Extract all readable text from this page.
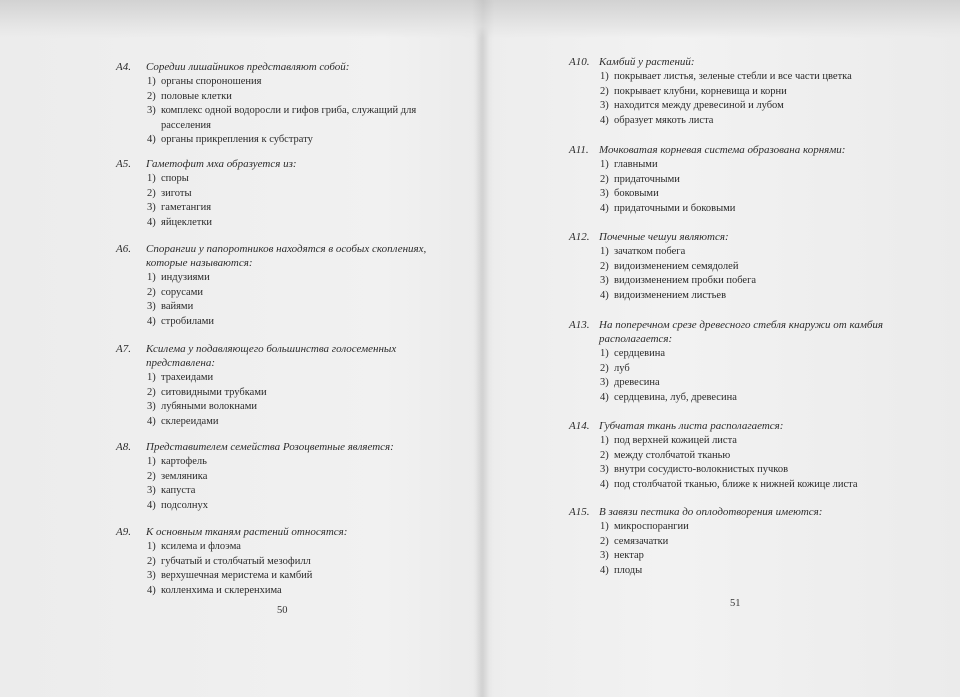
A4.	Соредии лишайников представляют собой:
1) органы спороношения
2) половые клетки
3) комплекс одной водоросли и гифов гриба, служащий для расселения
4) органы прикрепления к субстрату
A5.	Гаметофит мха образуется из:
1) споры
2) зиготы
3) гаметангия
4) яйцеклетки
A6.	Спорангии у папоротников находятся в особых скоплениях, которые называются:
1) индузиями
2) сорусами
3) вайями
4) стробилами
A7.	Ксилема у подавляющего большинства голосеменных представлена:
1) трахеидами
2) ситовидными трубками
3) лубяными волокнами
4) склереидами
A8.	Представителем семейства Розоцветные является:
1) картофель
2) земляника
3) капуста
4) подсолнух
A9.	К основным тканям растений относятся:
1) ксилема и флоэма
2) губчатый и столбчатый мезофилл
3) верхушечная меристема и камбий
4) колленхима и склеренхима
50
A10. Камбий у растений:
1) покрывает листья, зеленые стебли и все части цветка
2) покрывает клубни, корневища и корни
3) находится между древесиной и лубом
4) образует мякоть листа
A11. Мочковатая корневая система образована корнями:
1) главными
2) придаточными
3) боковыми
4) придаточными и боковыми
A12. Почечные чешуи являются:
1) зачатком побега
2) видоизменением семядолей
3) видоизменением пробки побега
4) видоизменением листьев
A13. На поперечном срезе древесного стебля кнаружи от камбия располагается:
1) сердцевина
2) луб
3) древесина
4) сердцевина, луб, древесина
A14. Губчатая ткань листа располагается:
1) под верхней кожицей листа
2) между столбчатой тканью
3) внутри сосудисто-волокнистых пучков
4) под столбчатой тканью, ближе к нижней кожице листа
A15. В завязи пестика до оплодотворения имеются:
1) микроспорангии
2) семязачатки
3) нектар
4) плоды
51
